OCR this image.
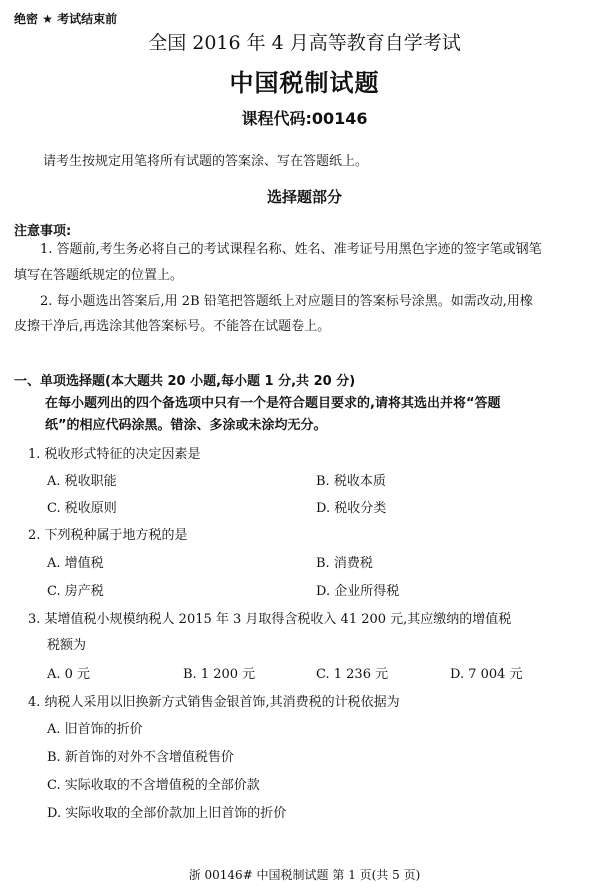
绝密 ★ 考试结束前
全国 2016 年 4 月高等教育自学考试
中国税制试题
课程代码:00146
请考生按规定用笔将所有试题的答案涂、写在答题纸上。
选择题部分
注意事项:
1. 答题前,考生务必将自己的考试课程名称、姓名、准考证号用黑色字迹的签字笔或钢笔
填写在答题纸规定的位置上。
2. 每小题选出答案后,用 2B 铅笔把答题纸上对应题目的答案标号涂黑。如需改动,用橡
皮擦干净后,再选涂其他答案标号。不能答在试题卷上。
一、单项选择题(本大题共 20 小题,每小题 1 分,共 20 分)
在每小题列出的四个备选项中只有一个是符合题目要求的,请将其选出并将“答题
纸”的相应代码涂黑。错涂、多涂或未涂均无分。
1. 税收形式特征的决定因素是
A. 税收职能	B. 税收本质
C. 税收原则	D. 税收分类
2. 下列税种属于地方税的是
A. 增值税	B. 消费税
C. 房产税	D. 企业所得税
3. 某增值税小规模纳税人 2015 年 3 月取得含税收入 41 200 元,其应缴纳的增值税
税额为
A. 0 元	B. 1 200 元	C. 1 236 元	D. 7 004 元
4. 纳税人采用以旧换新方式销售金银首饰,其消费税的计税依据为
A. 旧首饰的折价
B. 新首饰的对外不含增值税售价
C. 实际收取的不含增值税的全部价款
D. 实际收取的全部价款加上旧首饰的折价
浙 00146# 中国税制试题 第 1 页(共 5 页)
